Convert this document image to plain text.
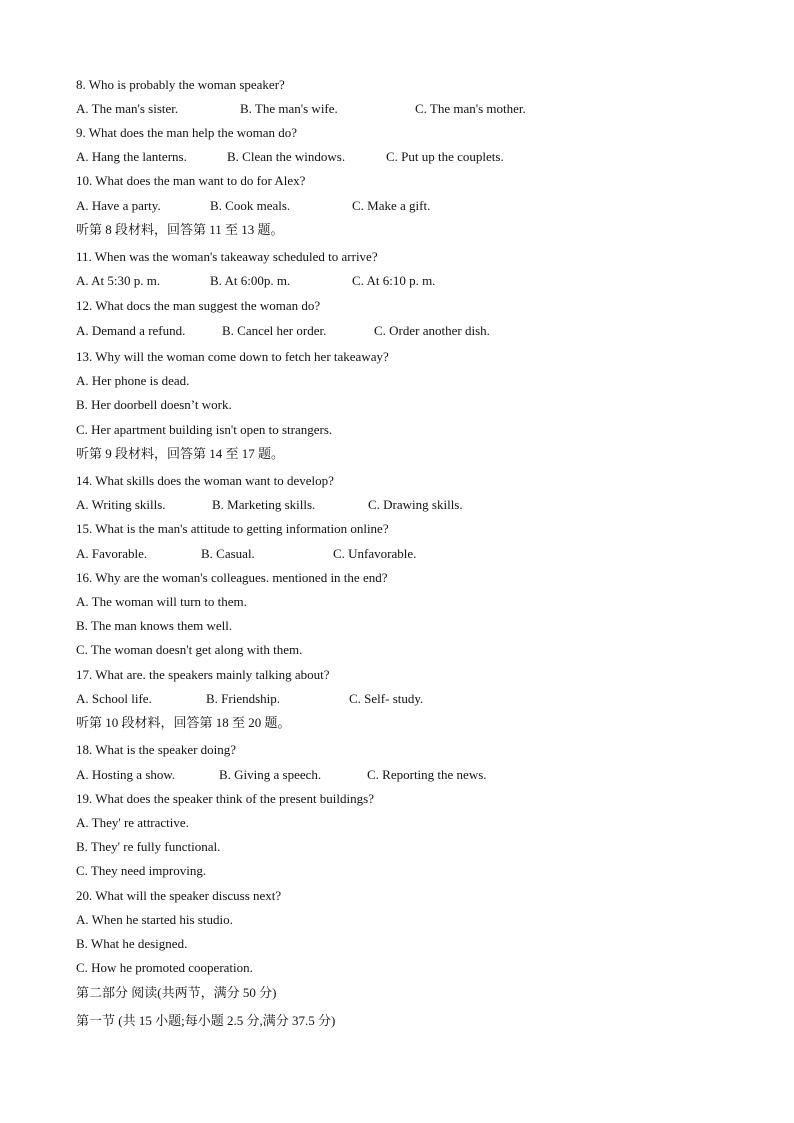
8. Who is probably the woman speaker?
A. The man's sister.	B. The man's wife.	C. The man's mother.
9. What does the man help the woman do?
A. Hang the lanterns.	B. Clean the windows.	C. Put up the couplets.
10. What does the man want to do for Alex?
A. Have a party.	B. Cook meals.	C. Make a gift.
听第 8 段材料，回答第 11 至 13 题。
11. When was the woman's takeaway scheduled to arrive?
A. At 5:30 p. m.	B. At 6:00p. m.	C. At 6:10 p. m.
12. What docs the man suggest the woman do?
A. Demand a refund.	B. Cancel her order.	C. Order another dish.
13. Why will the woman come down to fetch her takeaway?
A. Her phone is dead.
B. Her doorbell doesn’t work.
C. Her apartment building isn't open to strangers.
听第 9 段材料，回答第 14 至 17 题。
14. What skills does the woman want to develop?
A. Writing skills.	B. Marketing skills.	C. Drawing skills.
15. What is the man's attitude to getting information online?
A. Favorable.	B. Casual.	C. Unfavorable.
16. Why are the woman's colleagues. mentioned in the end?
A. The woman will turn to them.
B. The man knows them well.
C. The woman doesn't get along with them.
17. What are. the speakers mainly talking about?
A. School life.	B. Friendship.	C. Self- study.
听第 10 段材料，回答第 18 至 20 题。
18. What is the speaker doing?
A. Hosting a show.	B. Giving a speech.	C. Reporting the news.
19. What does the speaker think of the present buildings?
A. They' re attractive.
B. They' re fully functional.
C. They need improving.
20. What will the speaker discuss next?
A. When he started his studio.
B. What he designed.
C. How he promoted cooperation.
第二部分 阅读(共两节，满分 50 分)
第一节 (共 15 小题;每小题 2.5 分,满分 37.5 分)
